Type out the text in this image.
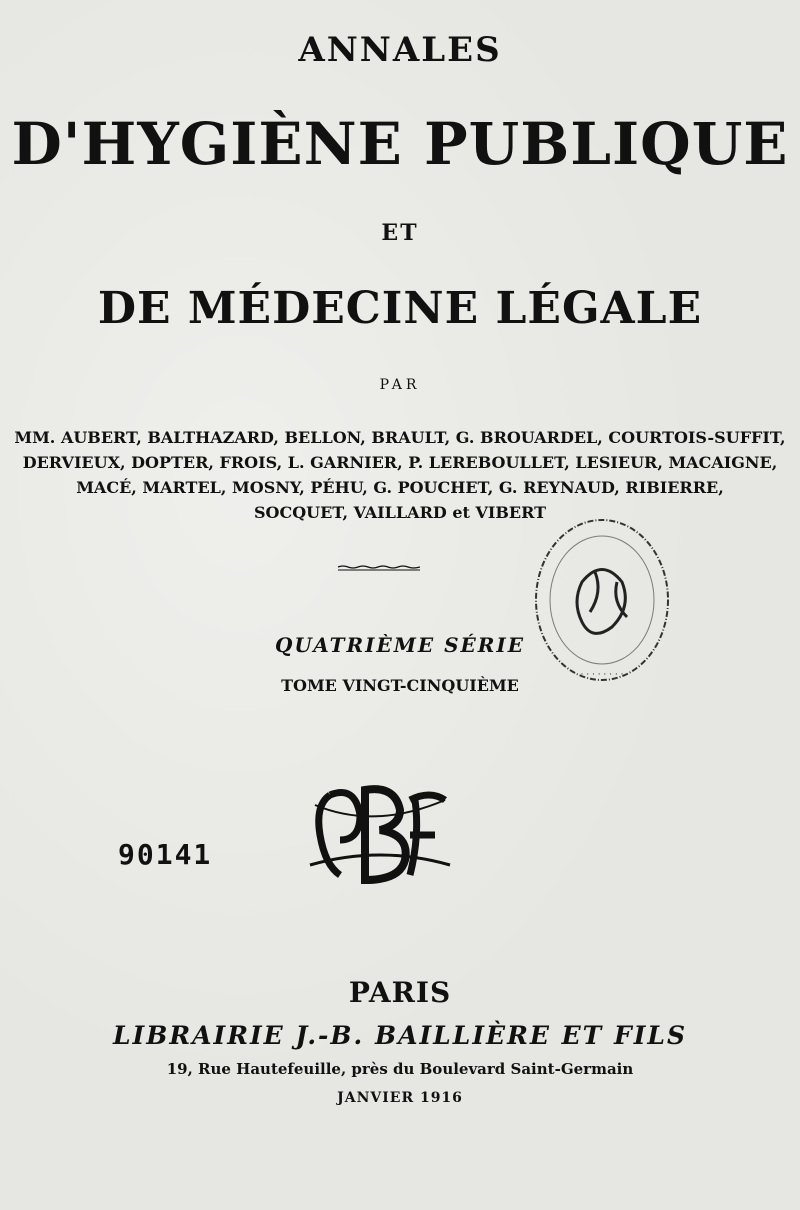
ANNALES
D'HYGIÈNE PUBLIQUE
ET
DE MÉDECINE LÉGALE
PAR
MM. AUBERT, BALTHAZARD, BELLON, BRAULT, G. BROUARDEL, COURTOIS-SUFFIT,
DERVIEUX, DOPTER, FROIS, L. GARNIER, P. LEREBOULLET, LESIEUR, MACAIGNE,
MACÉ, MARTEL, MOSNY, PÉHU, G. POUCHET, G. REYNAUD, RIBIERRE,
SOCQUET, VAILLARD et VIBERT
QUATRIÈME SÉRIE
TOME VINGT-CINQUIÈME
· · · · · · · ·
90141
PARIS
LIBRAIRIE J.-B. BAILLIÈRE ET FILS
19, Rue Hautefeuille, près du Boulevard Saint-Germain
JANVIER 1916
